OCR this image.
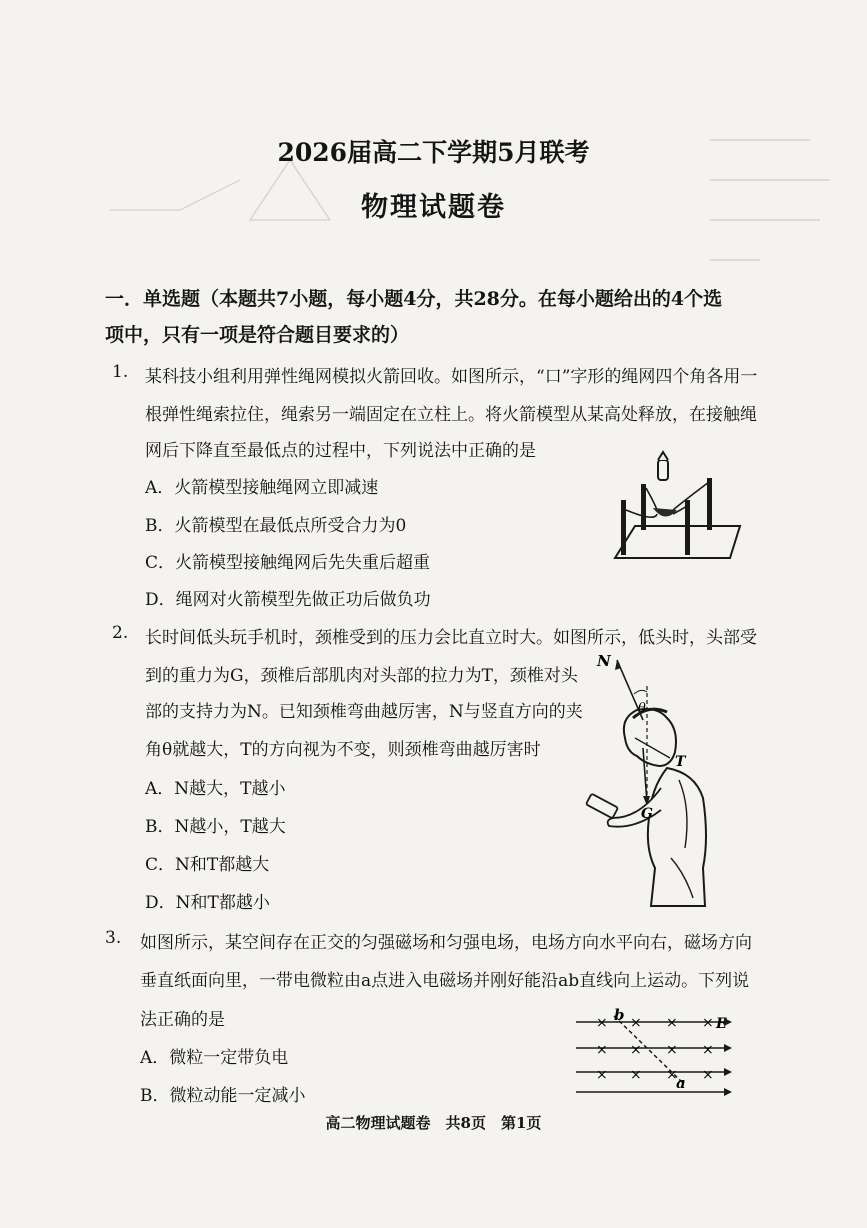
2026届高二下学期5月联考
物理试题卷
一．单选题（本题共7小题，每小题4分，共28分。在每小题给出的4个选
项中，只有一项是符合题目要求的）
1. 某科技小组利用弹性绳网模拟火箭回收。如图所示，“口”字形的绳网四个角各用一
根弹性绳索拉住，绳索另一端固定在立柱上。将火箭模型从某高处释放，在接触绳
网后下降直至最低点的过程中，下列说法中正确的是
A．火箭模型接触绳网立即减速
B．火箭模型在最低点所受合力为0
C．火箭模型接触绳网后先失重后超重
D．绳网对火箭模型先做正功后做负功
2. 长时间低头玩手机时，颈椎受到的压力会比直立时大。如图所示，低头时，头部受
到的重力为G，颈椎后部肌肉对头部的拉力为T，颈椎对头
部的支持力为N。已知颈椎弯曲越厉害，N与竖直方向的夹
角θ就越大，T的方向视为不变，则颈椎弯曲越厉害时
A．N越大，T越小
B．N越小，T越大
C．N和T都越大
D．N和T都越小
N
θ
T
G
3. 如图所示，某空间存在正交的匀强磁场和匀强电场，电场方向水平向右，磁场方向
垂直纸面向里，一带电微粒由a点进入电磁场并刚好能沿ab直线向上运动。下列说
法正确的是
A．微粒一定带负电
B．微粒动能一定减小
× × × ×
× × × ×
× × × ×
b
a
E
高二物理试题卷　共8页　第1页
